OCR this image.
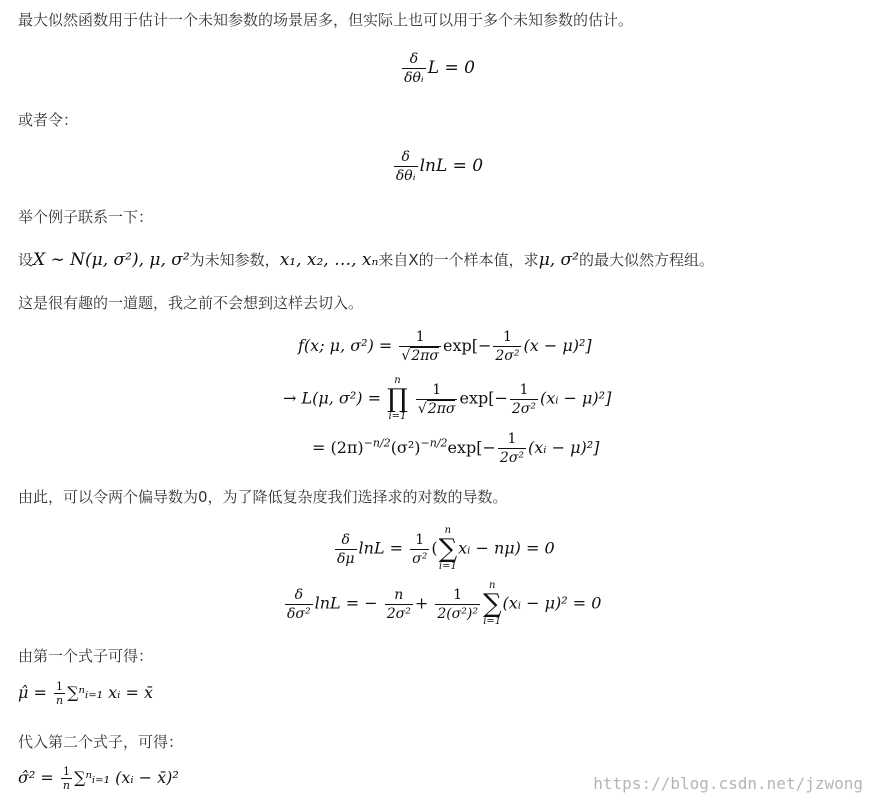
最大似然函数用于估计一个未知参数的场景居多，但实际上也可以用于多个未知参数的估计。

$\frac{\delta}{\text{δθᵢ}}$ L = 0

或者令：

$\frac{\delta}{\text{δθᵢ}}$ lnL = 0

举个例子联系一下：

设X ∼ N(μ, σ²), μ, σ²为未知参数，x₁, x₂, …, xₙ来自X的一个样本值，求μ, σ²的最大似然方程组。

这是很有趣的一道题，我之前不会想到这样去切入。

f(x; μ, $\sigma^2) = \frac{1}{√2\pi\sigma} \exp[- \frac{1}{\text{2σ²}} (x - \mu)^2]$
→ L(μ, σ²) =
n
∏
i=1
$\frac{1}{√2\pi\sigma} \exp[- \frac{1}{\text{2σ²}}$ (xᵢ − μ)²]
= $(2\pi)^{-n/2}(\sigma^2)^{-n/2}\exp[- \frac{1}{\text{2σ²}}$ (xᵢ − μ)²]

由此，可以令两个偏导数为0，为了降低复杂度我们选择求的对数的导数。

$\frac{\delta}{\delta\mu}$ $\ln L = \frac{1}{\text{σ²}}$ (
n
∑
i=1
xᵢ − nμ) = 0
$\frac{\delta}{\text{δσ²}}$ lnL = − $\frac{n}{\text{2σ²}} + \frac{1}{\text{2(σ²)²}}$ n
∑
i=1
(xᵢ − μ)² = 0

由第一个式子可得：

μ̂ = $\frac{1}{n}$ ∑ⁿᵢ₌₁ xᵢ = x̄

代入第二个式子，可得：

σ̂² = $\frac{1}{n}$ ∑ⁿᵢ₌₁ (xᵢ − x̄)²	https://blog.csdn.net/jzwong
